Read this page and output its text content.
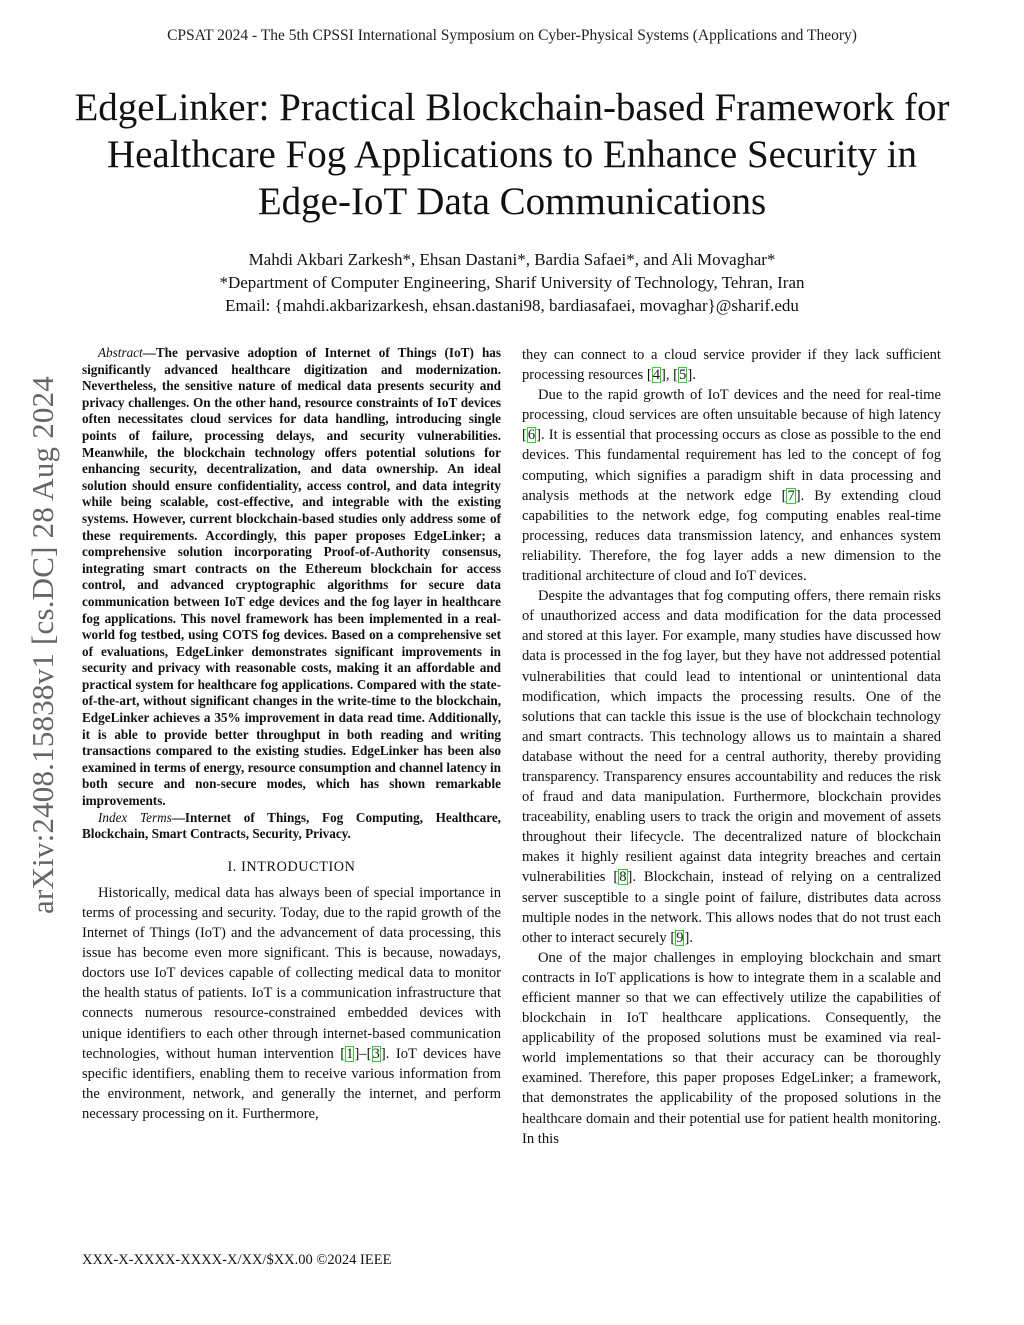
CPSAT 2024 - The 5th CPSSI International Symposium on Cyber-Physical Systems (Applications and Theory)
EdgeLinker: Practical Blockchain-based Framework for Healthcare Fog Applications to Enhance Security in Edge-IoT Data Communications
Mahdi Akbari Zarkesh*, Ehsan Dastani*, Bardia Safaei*, and Ali Movaghar*
*Department of Computer Engineering, Sharif University of Technology, Tehran, Iran
Email: {mahdi.akbarizarkesh, ehsan.dastani98, bardiasafaei, movaghar}@sharif.edu
arXiv:2408.15838v1 [cs.DC] 28 Aug 2024

Abstract—The pervasive adoption of Internet of Things (IoT) has significantly advanced healthcare digitization and modernization. Nevertheless, the sensitive nature of medical data presents security and privacy challenges. On the other hand, resource constraints of IoT devices often necessitates cloud services for data handling, introducing single points of failure, processing delays, and security vulnerabilities. Meanwhile, the blockchain technology offers potential solutions for enhancing security, decentralization, and data ownership. An ideal solution should ensure confidentiality, access control, and data integrity while being scalable, cost-effective, and integrable with the existing systems. However, current blockchain-based studies only address some of these requirements. Accordingly, this paper proposes EdgeLinker; a comprehensive solution incorporating Proof-of-Authority consensus, integrating smart contracts on the Ethereum blockchain for access control, and advanced cryptographic algorithms for secure data communication between IoT edge devices and the fog layer in healthcare fog applications. This novel framework has been implemented in a real-world fog testbed, using COTS fog devices. Based on a comprehensive set of evaluations, EdgeLinker demonstrates significant improvements in security and privacy with reasonable costs, making it an affordable and practical system for healthcare fog applications. Compared with the state-of-the-art, without significant changes in the write-time to the blockchain, EdgeLinker achieves a 35% improvement in data read time. Additionally, it is able to provide better throughput in both reading and writing transactions compared to the existing studies. EdgeLinker has been also examined in terms of energy, resource consumption and channel latency in both secure and non-secure modes, which has shown remarkable improvements.

Index Terms—Internet of Things, Fog Computing, Healthcare, Blockchain, Smart Contracts, Security, Privacy.

I. INTRODUCTION

Historically, medical data has always been of special importance in terms of processing and security. Today, due to the rapid growth of the Internet of Things (IoT) and the advancement of data processing, this issue has become even more significant. This is because, nowadays, doctors use IoT devices capable of collecting medical data to monitor the health status of patients. IoT is a communication infrastructure that connects numerous resource-constrained embedded devices with unique identifiers to each other through internet-based communication technologies, without human intervention [1]–[3]. IoT devices have specific identifiers, enabling them to receive various information from the environment, network, and generally the internet, and perform necessary processing on it. Furthermore,

they can connect to a cloud service provider if they lack sufficient processing resources [4], [5].

Due to the rapid growth of IoT devices and the need for real-time processing, cloud services are often unsuitable because of high latency [6]. It is essential that processing occurs as close as possible to the end devices. This fundamental requirement has led to the concept of fog computing, which signifies a paradigm shift in data processing and analysis methods at the network edge [7]. By extending cloud capabilities to the network edge, fog computing enables real-time processing, reduces data transmission latency, and enhances system reliability. Therefore, the fog layer adds a new dimension to the traditional architecture of cloud and IoT devices.

Despite the advantages that fog computing offers, there remain risks of unauthorized access and data modification for the data processed and stored at this layer. For example, many studies have discussed how data is processed in the fog layer, but they have not addressed potential vulnerabilities that could lead to intentional or unintentional data modification, which impacts the processing results. One of the solutions that can tackle this issue is the use of blockchain technology and smart contracts. This technology allows us to maintain a shared database without the need for a central authority, thereby providing transparency. Transparency ensures accountability and reduces the risk of fraud and data manipulation. Furthermore, blockchain provides traceability, enabling users to track the origin and movement of assets throughout their lifecycle. The decentralized nature of blockchain makes it highly resilient against data integrity breaches and certain vulnerabilities [8]. Blockchain, instead of relying on a centralized server susceptible to a single point of failure, distributes data across multiple nodes in the network. This allows nodes that do not trust each other to interact securely [9].

One of the major challenges in employing blockchain and smart contracts in IoT applications is how to integrate them in a scalable and efficient manner so that we can effectively utilize the capabilities of blockchain in IoT healthcare applications. Consequently, the applicability of the proposed solutions must be examined via real-world implementations so that their accuracy can be thoroughly examined. Therefore, this paper proposes EdgeLinker; a framework, that demonstrates the applicability of the proposed solutions in the healthcare domain and their potential use for patient health monitoring. In this

XXX-X-XXXX-XXXX-X/XX/$XX.00 ©2024 IEEE
